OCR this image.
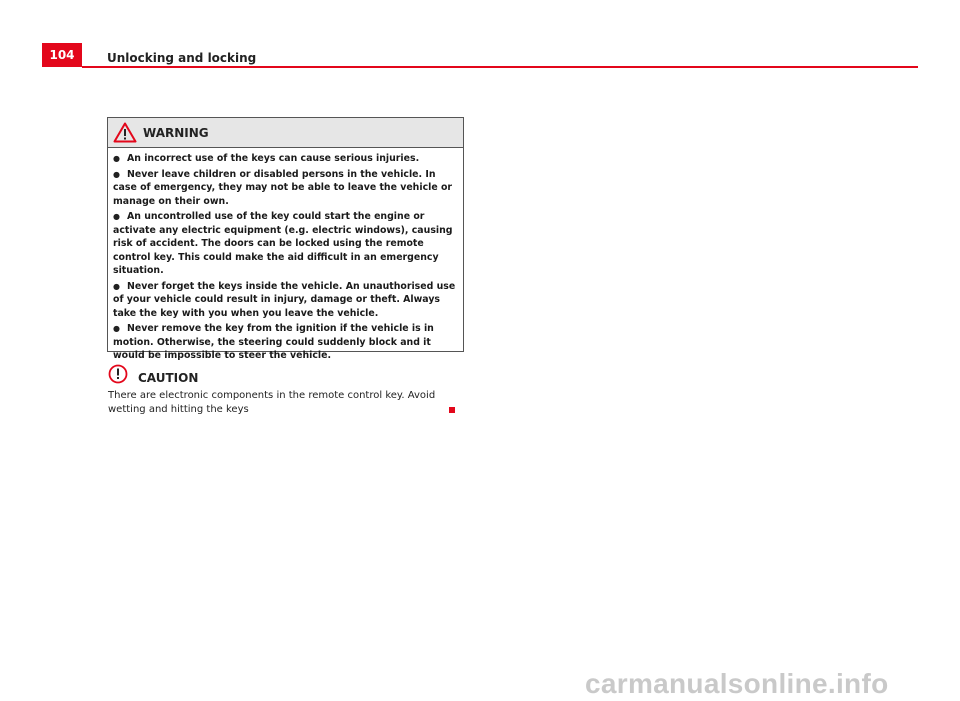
104	Unlocking and locking
WARNING
● An incorrect use of the keys can cause serious injuries.
● Never leave children or disabled persons in the vehicle. In case of emergency, they may not be able to leave the vehicle or manage on their own.
● An uncontrolled use of the key could start the engine or activate any electric equipment (e.g. electric windows), causing risk of accident. The doors can be locked using the remote control key. This could make the aid difficult in an emergency situation.
● Never forget the keys inside the vehicle. An unauthorised use of your vehicle could result in injury, damage or theft. Always take the key with you when you leave the vehicle.
● Never remove the key from the ignition if the vehicle is in motion. Otherwise, the steering could suddenly block and it would be impossible to steer the vehicle.
CAUTION
There are electronic components in the remote control key. Avoid wetting and hitting the keys
carmanualsonline.info
